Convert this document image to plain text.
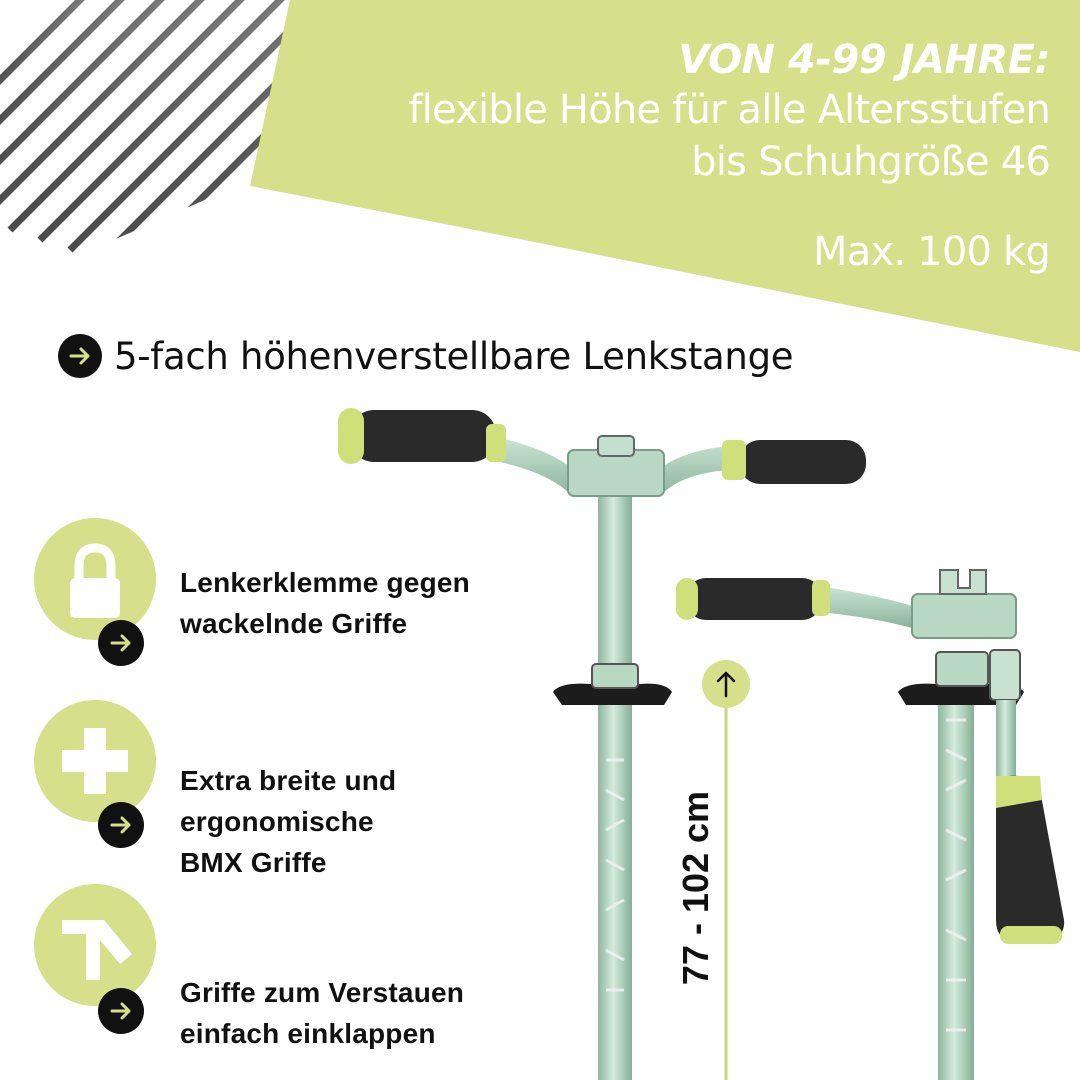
VON 4-99 JAHRE:
flexible Höhe für alle Altersstufen
bis Schuhgröße 46
Max. 100 kg
5-fach höhenverstellbare Lenkstange
77 - 102 cm
Lenkerklemme gegen
wackelnde Griffe
Extra breite und
ergonomische
BMX Griffe
Griffe zum Verstauen
einfach einklappen
